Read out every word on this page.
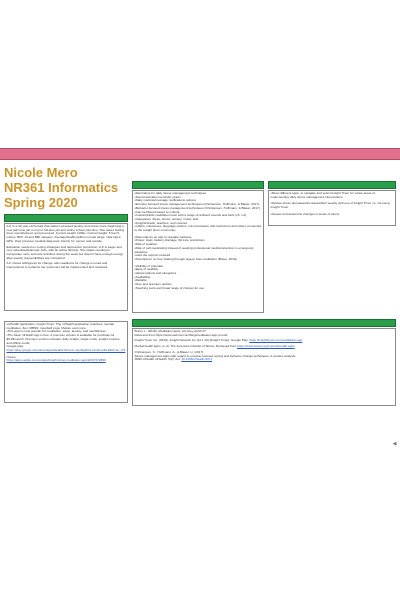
Nicole Mero
NR361 Informatics
Spring 2020

A.K is a 30 year old female that states increased anxiety and stress since beginning a new part-time job on top of full-time job and online school part-time. She states feeling tired, overwhelmed, and pressured. Current weight 119lbs. Current height: 5 feet 5 inches. BMI: 19 and BMI category: Average/healthy/within normal range. Vital signs: WNL. Past previous medical diagnosis: Family hx: cancer and suicide.

Education needed on coping strategies and depression prevention. A.K is eager and very scheduled/planned. Also, with an active lifestyle. She states needing to incorporate more self-care activities during the week but doesn't have enough energy after weekly responsibilities are completed.

A.K shows willingness for change, also readiness for change is noted and interventions to enhance her outcomes will be implemented and reviewed.

•Reminders for daily stress management techniques
•Sound activation reminder option
•Daily mantras/message notifications options
•Emotion-focused stress management techniques (Christensen, Hoffmann, & Blaser, 2017).
•Behavior-focused stress management techniques (Christensen, Hoffmann, & Blaser, 2017).
•Can be filtered based on criteria
•Customizable meditation timer with a range of ambient sounds and bells (v3, v.4).
•Categories: Sleep, stress, anxiety, music, kids
•Insight/rehabs, teachers, and courses
•Charts, milestones, language options, communication with instructors and others connected to the insight timer community
•Dependency on app to regulate wellness
•Power, bugs, battery drainage, Wi-Line restrictions
•Risk of isolation
•Risk of self-medicating instead of seeking professional medical attention in emergency situations
•Lack the support network
•Potential for no true sharing through pigeon hole meditation (Bravo, 2019).
•Visibility of potential
•Ease of usability
•Varied options and categories
•Availability
•Reliable
•Free and premium options
•Teaching tools and broad range of choices for use
•Show different apps, to navigate and select Insight Timer for varies areas of implementing daily stress management interventions
•Review stress decreases/increase/effect weekly with use of Insight Timer vs. not using Insight Timer
•Assess and determine changes in levels of stress
•mHealth application: Insight Timer: The mHealth application practices: secular meditation, Zen, MBSR, Goodwill yoga, Mettas, and more.
•This app is most popular for meditation, sleep, anxiety, and mindfulness.
•The basic mHealth app is free. A premium version is available for purchase for $9.99/month. Premium version includes: daily insight, single mode, insight courses, and offline mode.
Google play:
https://play.google.com/store/apps/details?id=com.spotlightsix.zentimerlite2&hl=en_US
iTunes:
https://apps.apple.com/us/app/insight-timer-meditation-app/id337472899

Bravo, L. (2019). Meditation apps: Are they worth it?
Retrieved from https://www.webmd.com/blog/meditation-app-pro-list

Insight Timer Inc. (2019). Insight Network Inc (11.1.10) [Insight Timer]. Google Play. https://insighttimer.com/meditation-app

Mental health apps. (n.d). The American Institute of Stress. Retrieved from https://www.stress.org/mental-health-apps

Christensen, C., Hoffmann, A., & Blaser, U. (2017).
Stress management apps with regard to emotion-focused coping and behavior change techniques: A content analysis.
JMIR mHealth mHealth, 5(2), doi: 10.2196/mhealth.6471

◀
